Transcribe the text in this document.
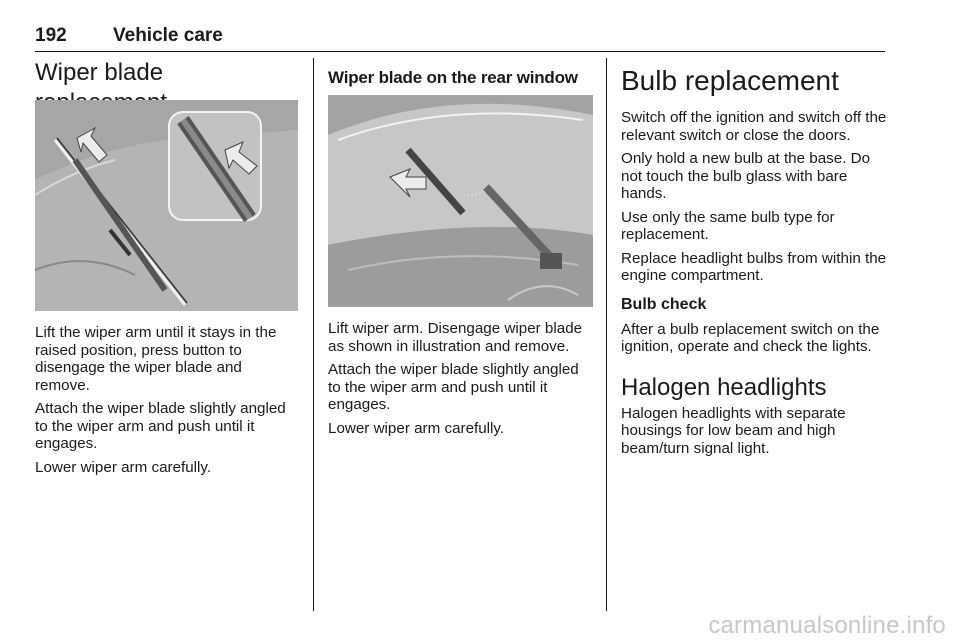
192 Vehicle care
Wiper blade

Lift the wiper arm until it stays in the raised position, press button to disengage the wiper blade and remove.

Attach the wiper blade slightly angled to the wiper arm and push until it engages.

Lower wiper arm carefully.

Wiper blade on the rear window

Lift wiper arm. Disengage wiper blade as shown in illustration and remove.

Attach the wiper blade slightly angled to the wiper arm and push until it engages.

Lower wiper arm carefully.

Bulb replacement

Switch off the ignition and switch off the relevant switch or close the doors.

Only hold a new bulb at the base. Do not touch the bulb glass with bare hands.

Use only the same bulb type for replacement.

Replace headlight bulbs from within the engine compartment.

Bulb check

After a bulb replacement switch on the ignition, operate and check the lights.

Halogen headlights

Halogen headlights with separate housings for low beam and high beam/turn signal light.

carmanualsonline.info
